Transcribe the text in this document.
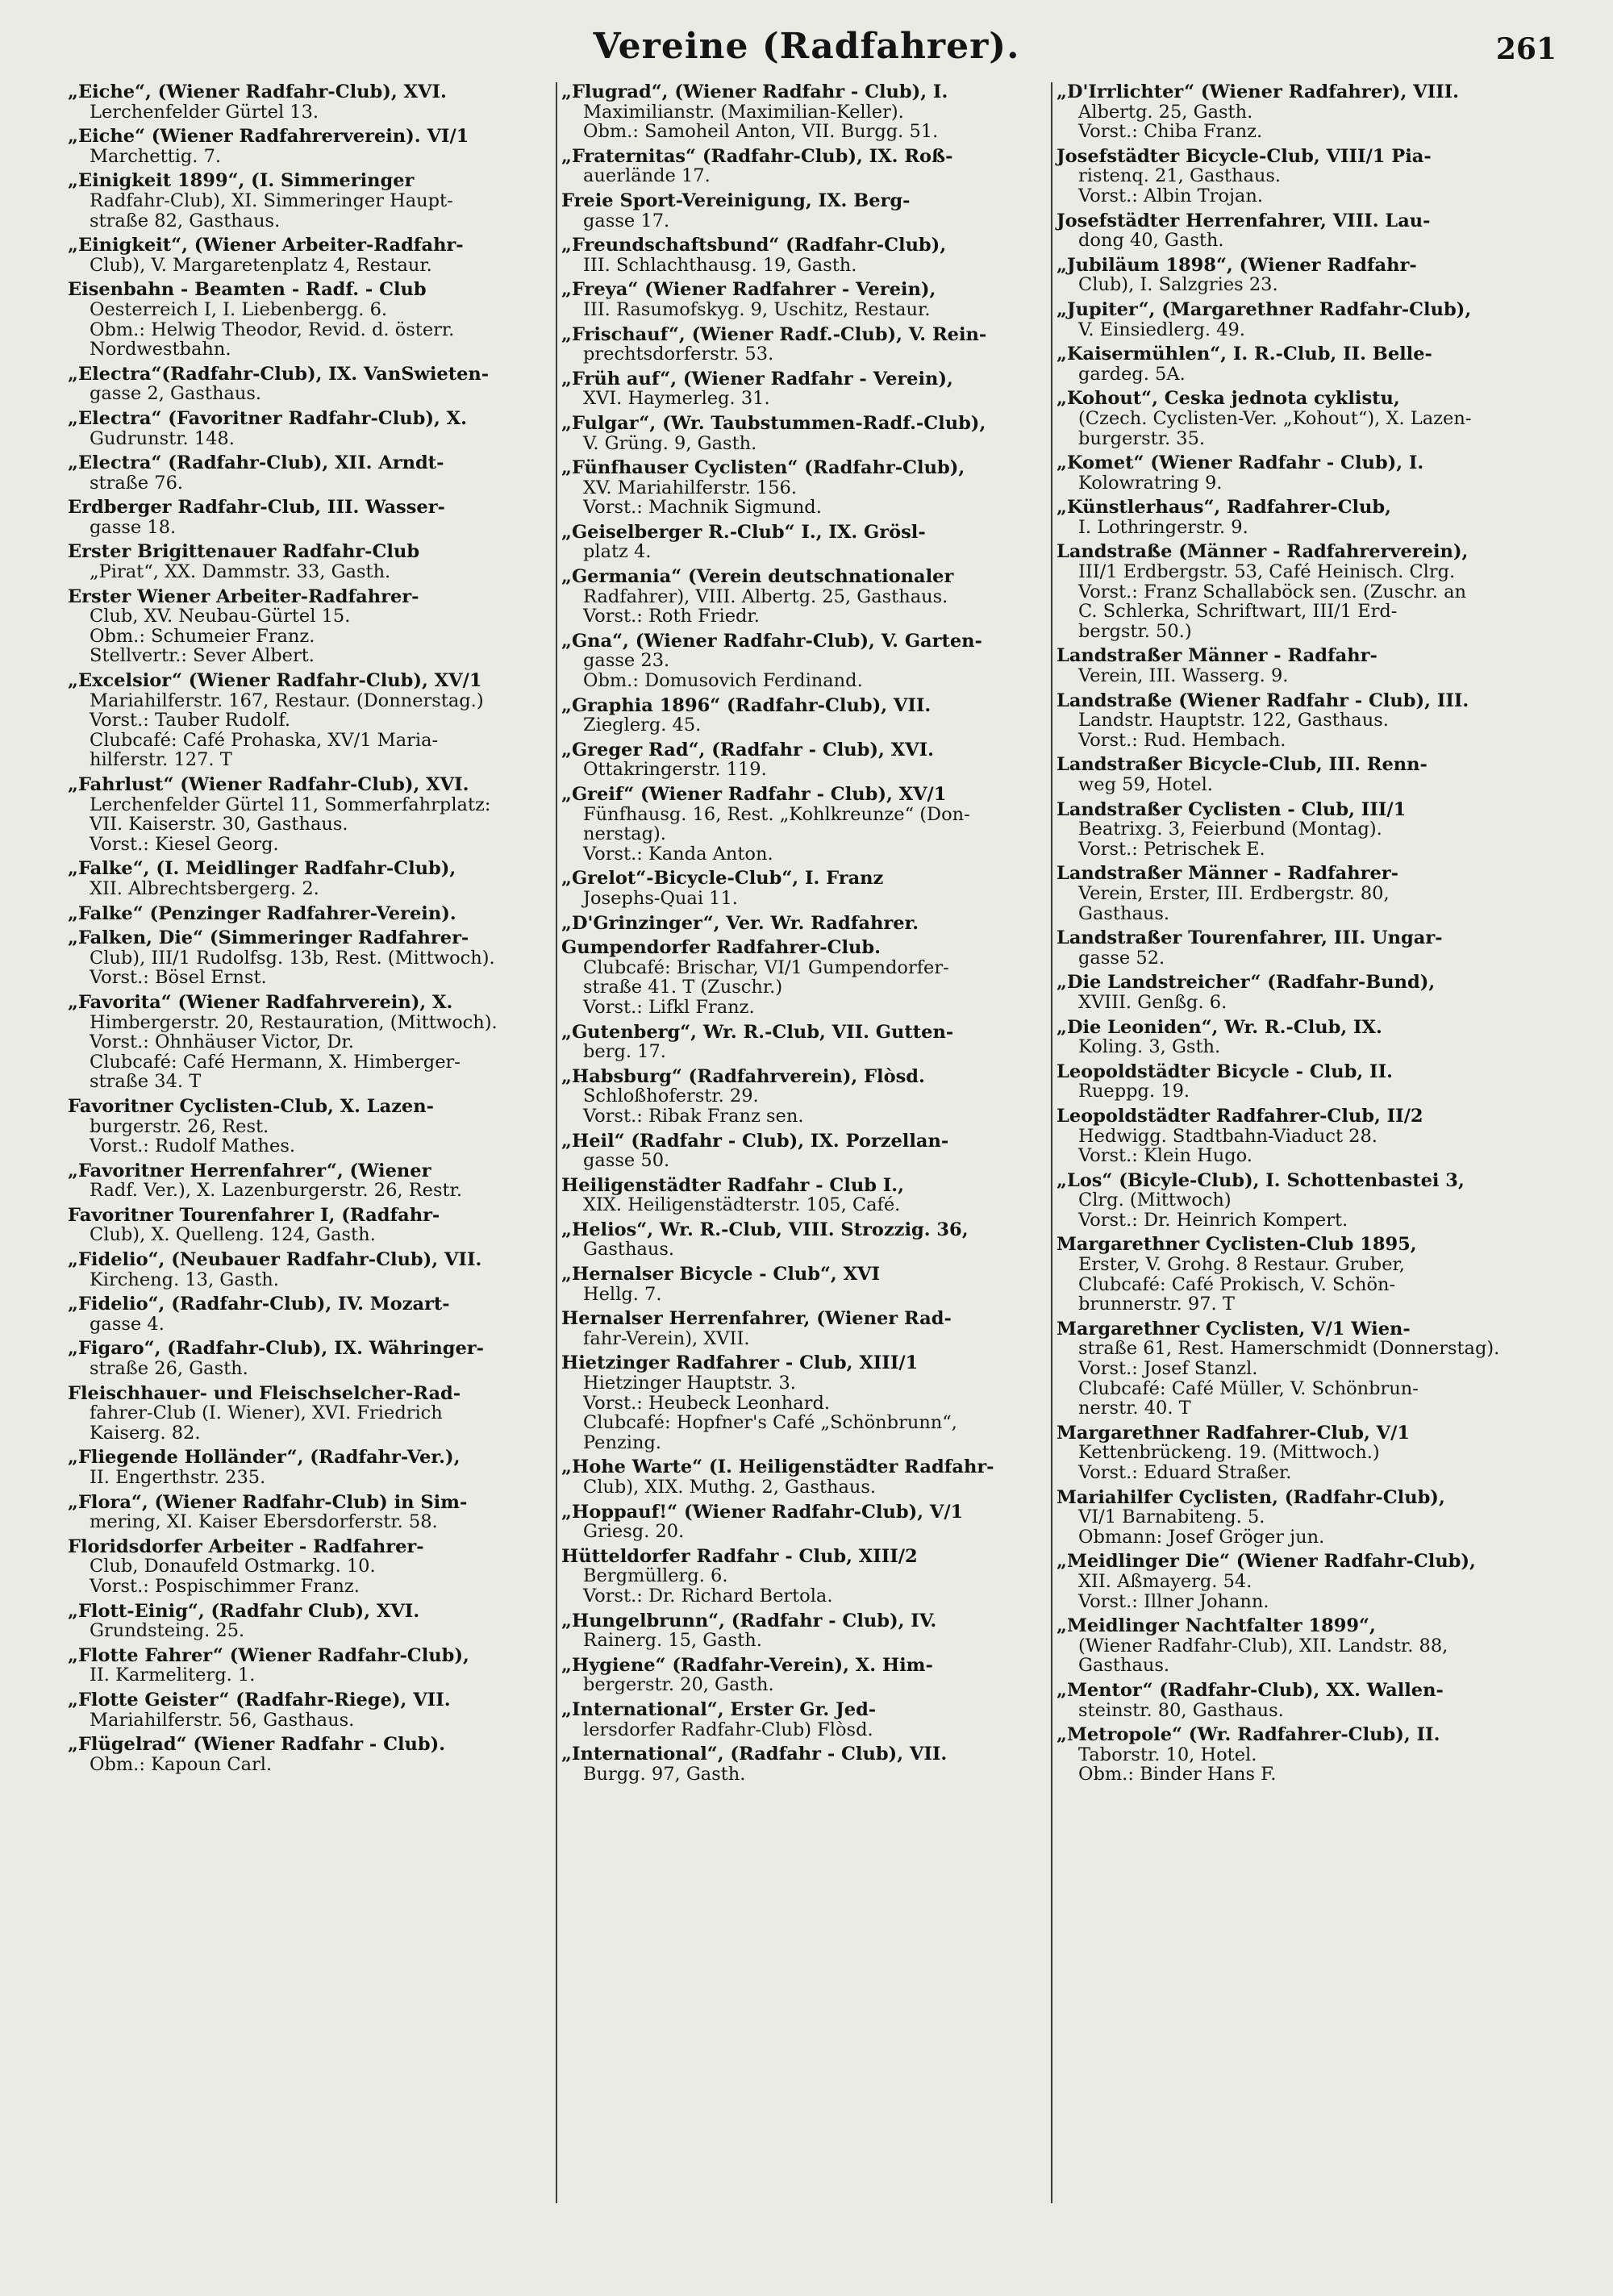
Vereine (Radfahrer).	261
„Eiche“, (Wiener Radfahr-Club), XVI.
Lerchenfelder Gürtel 13.
„Eiche“ (Wiener Radfahrerverein). VI/1
Marchettig. 7.
„Einigkeit 1899“, (I. Simmeringer
Radfahr-Club), XI. Simmeringer Haupt-
straße 82, Gasthaus.
„Einigkeit“, (Wiener Arbeiter-Radfahr-
Club), V. Margaretenplatz 4, Restaur.
Eisenbahn - Beamten - Radf. - Club
Oesterreich I, I. Liebenbergg. 6.
Obm.: Helwig Theodor, Revid. d. österr.
Nordwestbahn.
„Electra“(Radfahr-Club), IX. VanSwieten-
gasse 2, Gasthaus.
„Electra“ (Favoritner Radfahr-Club), X.
Gudrunstr. 148.
„Electra“ (Radfahr-Club), XII. Arndt-
straße 76.
Erdberger Radfahr-Club, III. Wasser-
gasse 18.
Erster Brigittenauer Radfahr-Club
„Pirat“, XX. Dammstr. 33, Gasth.
Erster Wiener Arbeiter-Radfahrer-
Club, XV. Neubau-Gürtel 15.
Obm.: Schumeier Franz.
Stellvertr.: Sever Albert.
„Excelsior“ (Wiener Radfahr-Club), XV/1
Mariahilferstr. 167, Restaur. (Donnerstag.)
Vorst.: Tauber Rudolf.
Clubcafé: Café Prohaska, XV/1 Maria-
hilferstr. 127. T
„Fahrlust“ (Wiener Radfahr-Club), XVI.
Lerchenfelder Gürtel 11, Sommerfahrplatz:
VII. Kaiserstr. 30, Gasthaus.
Vorst.: Kiesel Georg.
„Falke“, (I. Meidlinger Radfahr-Club),
XII. Albrechtsbergerg. 2.
„Falke“ (Penzinger Radfahrer-Verein).
„Falken, Die“ (Simmeringer Radfahrer-
Club), III/1 Rudolfsg. 13b, Rest. (Mittwoch).
Vorst.: Bösel Ernst.
„Favorita“ (Wiener Radfahrverein), X.
Himbergerstr. 20, Restauration, (Mittwoch).
Vorst.: Ohnhäuser Victor, Dr.
Clubcafé: Café Hermann, X. Himberger-
straße 34. T
Favoritner Cyclisten-Club, X. Lazen-
burgerstr. 26, Rest.
Vorst.: Rudolf Mathes.
„Favoritner Herrenfahrer“, (Wiener
Radf. Ver.), X. Lazenburgerstr. 26, Restr.
Favoritner Tourenfahrer I, (Radfahr-
Club), X. Quelleng. 124, Gasth.
„Fidelio“, (Neubauer Radfahr-Club), VII.
Kircheng. 13, Gasth.
„Fidelio“, (Radfahr-Club), IV. Mozart-
gasse 4.
„Figaro“, (Radfahr-Club), IX. Währinger-
straße 26, Gasth.
Fleischhauer- und Fleischselcher-Rad-
fahrer-Club (I. Wiener), XVI. Friedrich
Kaiserg. 82.
„Fliegende Holländer“, (Radfahr-Ver.),
II. Engerthstr. 235.
„Flora“, (Wiener Radfahr-Club) in Sim-
mering, XI. Kaiser Ebersdorferstr. 58.
Floridsdorfer Arbeiter - Radfahrer-
Club, Donaufeld Ostmarkg. 10.
Vorst.: Pospischimmer Franz.
„Flott-Einig“, (Radfahr Club), XVI.
Grundsteing. 25.
„Flotte Fahrer“ (Wiener Radfahr-Club),
II. Karmeliterg. 1.
„Flotte Geister“ (Radfahr-Riege), VII.
Mariahilferstr. 56, Gasthaus.
„Flügelrad“ (Wiener Radfahr - Club).
Obm.: Kapoun Carl.
„Flugrad“, (Wiener Radfahr - Club), I.
Maximilianstr. (Maximilian-Keller).
Obm.: Samoheil Anton, VII. Burgg. 51.
„Fraternitas“ (Radfahr-Club), IX. Roß-
auerlände 17.
Freie Sport-Vereinigung, IX. Berg-
gasse 17.
„Freundschaftsbund“ (Radfahr-Club),
III. Schlachthausg. 19, Gasth.
„Freya“ (Wiener Radfahrer - Verein),
III. Rasumofskyg. 9, Uschitz, Restaur.
„Frischauf“, (Wiener Radf.-Club), V. Rein-
prechtsdorferstr. 53.
„Früh auf“, (Wiener Radfahr - Verein),
XVI. Haymerleg. 31.
„Fulgar“, (Wr. Taubstummen-Radf.-Club),
V. Grüng. 9, Gasth.
„Fünfhauser Cyclisten“ (Radfahr-Club),
XV. Mariahilferstr. 156.
Vorst.: Machnik Sigmund.
„Geiselberger R.-Club“ I., IX. Grösl-
platz 4.
„Germania“ (Verein deutschnationaler
Radfahrer), VIII. Albertg. 25, Gasthaus.
Vorst.: Roth Friedr.
„Gna“, (Wiener Radfahr-Club), V. Garten-
gasse 23.
Obm.: Domusovich Ferdinand.
„Graphia 1896“ (Radfahr-Club), VII.
Zieglerg. 45.
„Greger Rad“, (Radfahr - Club), XVI.
Ottakringerstr. 119.
„Greif“ (Wiener Radfahr - Club), XV/1
Fünfhausg. 16, Rest. „Kohlkreunze“ (Don-
nerstag).
Vorst.: Kanda Anton.
„Grelot“-Bicycle-Club“, I. Franz
Josephs-Quai 11.
„D'Grinzinger“, Ver. Wr. Radfahrer.
Gumpendorfer Radfahrer-Club.
Clubcafé: Brischar, VI/1 Gumpendorfer-
straße 41. T (Zuschr.)
Vorst.: Lifkl Franz.
„Gutenberg“, Wr. R.-Club, VII. Gutten-
berg. 17.
„Habsburg“ (Radfahrverein), Flòsd.
Schloßhoferstr. 29.
Vorst.: Ribak Franz sen.
„Heil“ (Radfahr - Club), IX. Porzellan-
gasse 50.
Heiligenstädter Radfahr - Club I.,
XIX. Heiligenstädterstr. 105, Café.
„Helios“, Wr. R.-Club, VIII. Strozzig. 36,
Gasthaus.
„Hernalser Bicycle - Club“, XVI
Hellg. 7.
Hernalser Herrenfahrer, (Wiener Rad-
fahr-Verein), XVII.
Hietzinger Radfahrer - Club, XIII/1
Hietzinger Hauptstr. 3.
Vorst.: Heubeck Leonhard.
Clubcafé: Hopfner's Café „Schönbrunn“,
Penzing.
„Hohe Warte“ (I. Heiligenstädter Radfahr-
Club), XIX. Muthg. 2, Gasthaus.
„Hoppauf!“ (Wiener Radfahr-Club), V/1
Griesg. 20.
Hütteldorfer Radfahr - Club, XIII/2
Bergmüllerg. 6.
Vorst.: Dr. Richard Bertola.
„Hungelbrunn“, (Radfahr - Club), IV.
Rainerg. 15, Gasth.
„Hygiene“ (Radfahr-Verein), X. Him-
bergerstr. 20, Gasth.
„International“, Erster Gr. Jed-
lersdorfer Radfahr-Club) Flòsd.
„International“, (Radfahr - Club), VII.
Burgg. 97, Gasth.
„D'Irrlichter“ (Wiener Radfahrer), VIII.
Albertg. 25, Gasth.
Vorst.: Chiba Franz.
Josefstädter Bicycle-Club, VIII/1 Pia-
ristenq. 21, Gasthaus.
Vorst.: Albin Trojan.
Josefstädter Herrenfahrer, VIII. Lau-
dong 40, Gasth.
„Jubiläum 1898“, (Wiener Radfahr-
Club), I. Salzgries 23.
„Jupiter“, (Margarethner Radfahr-Club),
V. Einsiedlerg. 49.
„Kaisermühlen“, I. R.-Club, II. Belle-
gardeg. 5A.
„Kohout“, Ceska jednota cyklistu,
(Czech. Cyclisten-Ver. „Kohout“), X. Lazen-
burgerstr. 35.
„Komet“ (Wiener Radfahr - Club), I.
Kolowratring 9.
„Künstlerhaus“, Radfahrer-Club,
I. Lothringerstr. 9.
Landstraße (Männer - Radfahrerverein),
III/1 Erdbergstr. 53, Café Heinisch. Clrg.
Vorst.: Franz Schallaböck sen. (Zuschr. an
C. Schlerka, Schriftwart, III/1 Erd-
bergstr. 50.)
Landstraßer Männer - Radfahr-
Verein, III. Wasserg. 9.
Landstraße (Wiener Radfahr - Club), III.
Landstr. Hauptstr. 122, Gasthaus.
Vorst.: Rud. Hembach.
Landstraßer Bicycle-Club, III. Renn-
weg 59, Hotel.
Landstraßer Cyclisten - Club, III/1
Beatrixg. 3, Feierbund (Montag).
Vorst.: Petrischek E.
Landstraßer Männer - Radfahrer-
Verein, Erster, III. Erdbergstr. 80,
Gasthaus.
Landstraßer Tourenfahrer, III. Ungar-
gasse 52.
„Die Landstreicher“ (Radfahr-Bund),
XVIII. Genßg. 6.
„Die Leoniden“, Wr. R.-Club, IX.
Koling. 3, Gsth.
Leopoldstädter Bicycle - Club, II.
Rueppg. 19.
Leopoldstädter Radfahrer-Club, II/2
Hedwigg. Stadtbahn-Viaduct 28.
Vorst.: Klein Hugo.
„Los“ (Bicyle-Club), I. Schottenbastei 3,
Clrg. (Mittwoch)
Vorst.: Dr. Heinrich Kompert.
Margarethner Cyclisten-Club 1895,
Erster, V. Grohg. 8 Restaur. Gruber,
Clubcafé: Café Prokisch, V. Schön-
brunnerstr. 97. T
Margarethner Cyclisten, V/1 Wien-
straße 61, Rest. Hamerschmidt (Donnerstag).
Vorst.: Josef Stanzl.
Clubcafé: Café Müller, V. Schönbrun-
nerstr. 40. T
Margarethner Radfahrer-Club, V/1
Kettenbrückeng. 19. (Mittwoch.)
Vorst.: Eduard Straßer.
Mariahilfer Cyclisten, (Radfahr-Club),
VI/1 Barnabiteng. 5.
Obmann: Josef Gröger jun.
„Meidlinger Die“ (Wiener Radfahr-Club),
XII. Aßmayerg. 54.
Vorst.: Illner Johann.
„Meidlinger Nachtfalter 1899“,
(Wiener Radfahr-Club), XII. Landstr. 88,
Gasthaus.
„Mentor“ (Radfahr-Club), XX. Wallen-
steinstr. 80, Gasthaus.
„Metropole“ (Wr. Radfahrer-Club), II.
Taborstr. 10, Hotel.
Obm.: Binder Hans F.
